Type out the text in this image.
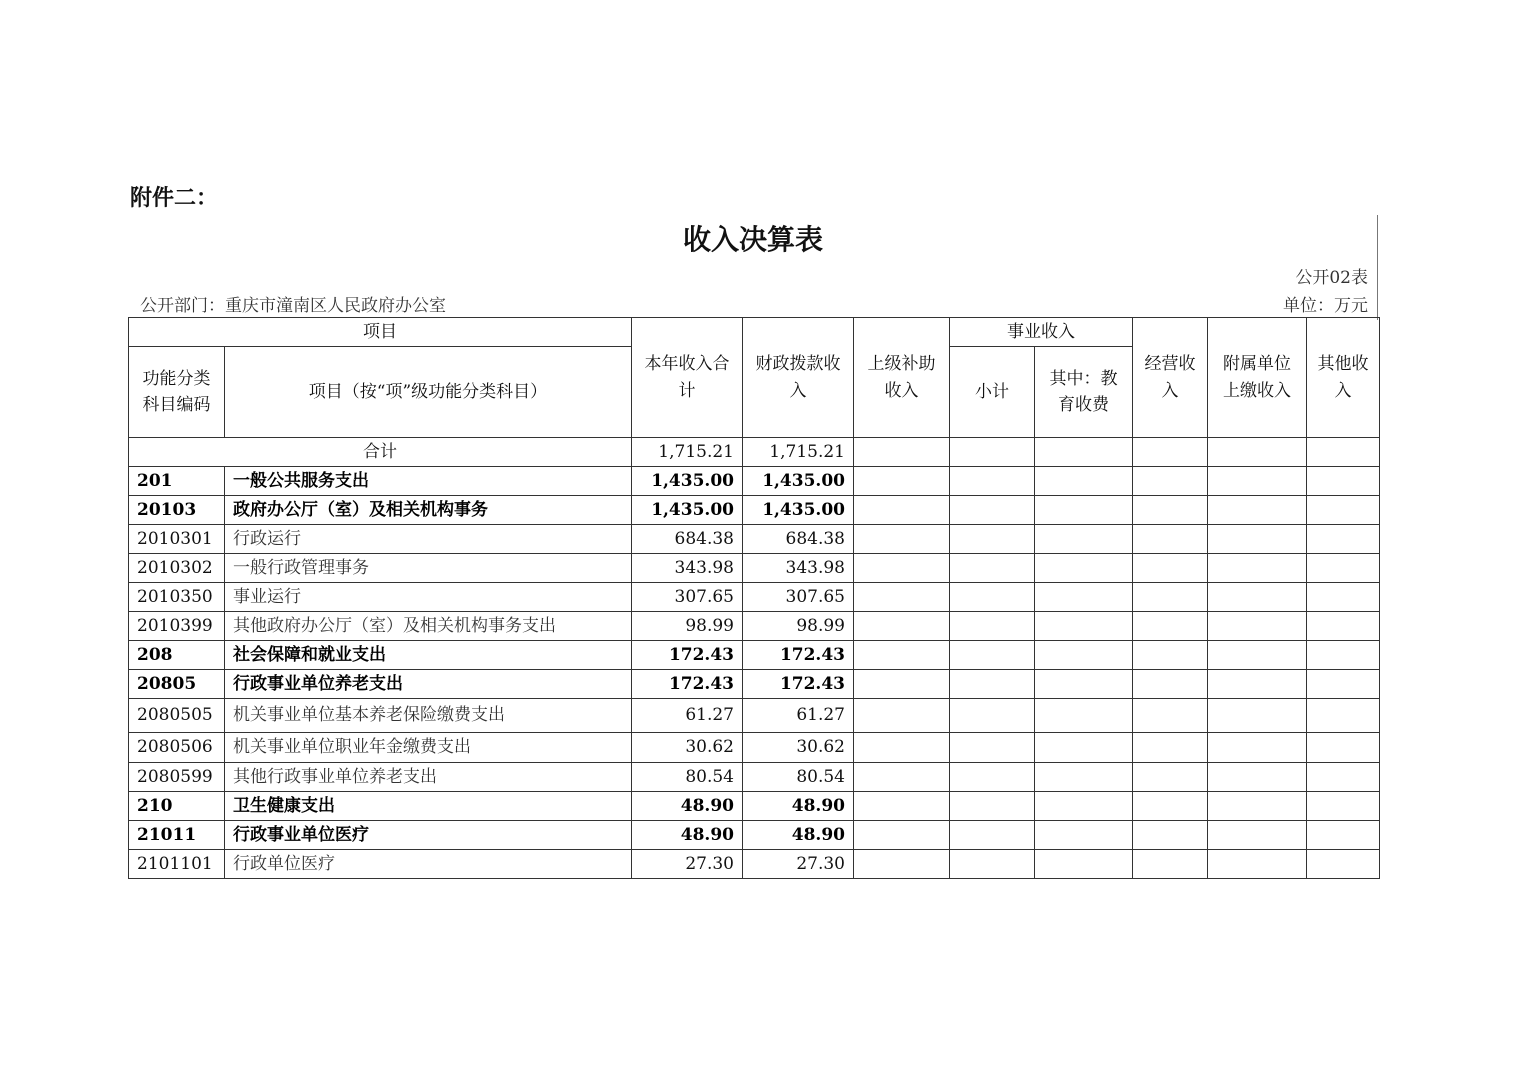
附件二：
收入决算表
公开02表
公开部门：重庆市潼南区人民政府办公室	单位：万元
项目		本年收入合计	财政拨款收入	上级补助收入	事业收入		经营收入	附属单位上缴收入	其他收入
功能分类科目编码	项目（按“项”级功能分类科目）				小计	其中：教育收费			
合计		1,715.21	1,715.21						
201	一般公共服务支出	1,435.00	1,435.00						
20103	政府办公厅（室）及相关机构事务	1,435.00	1,435.00						
2010301	行政运行	684.38	684.38						
2010302	一般行政管理事务	343.98	343.98						
2010350	事业运行	307.65	307.65						
2010399	其他政府办公厅（室）及相关机构事务支出	98.99	98.99						
208	社会保障和就业支出	172.43	172.43						
20805	行政事业单位养老支出	172.43	172.43						
2080505	机关事业单位基本养老保险缴费支出	61.27	61.27						
2080506	机关事业单位职业年金缴费支出	30.62	30.62						
2080599	其他行政事业单位养老支出	80.54	80.54						
210	卫生健康支出	48.90	48.90						
21011	行政事业单位医疗	48.90	48.90						
2101101	行政单位医疗	27.30	27.30						
